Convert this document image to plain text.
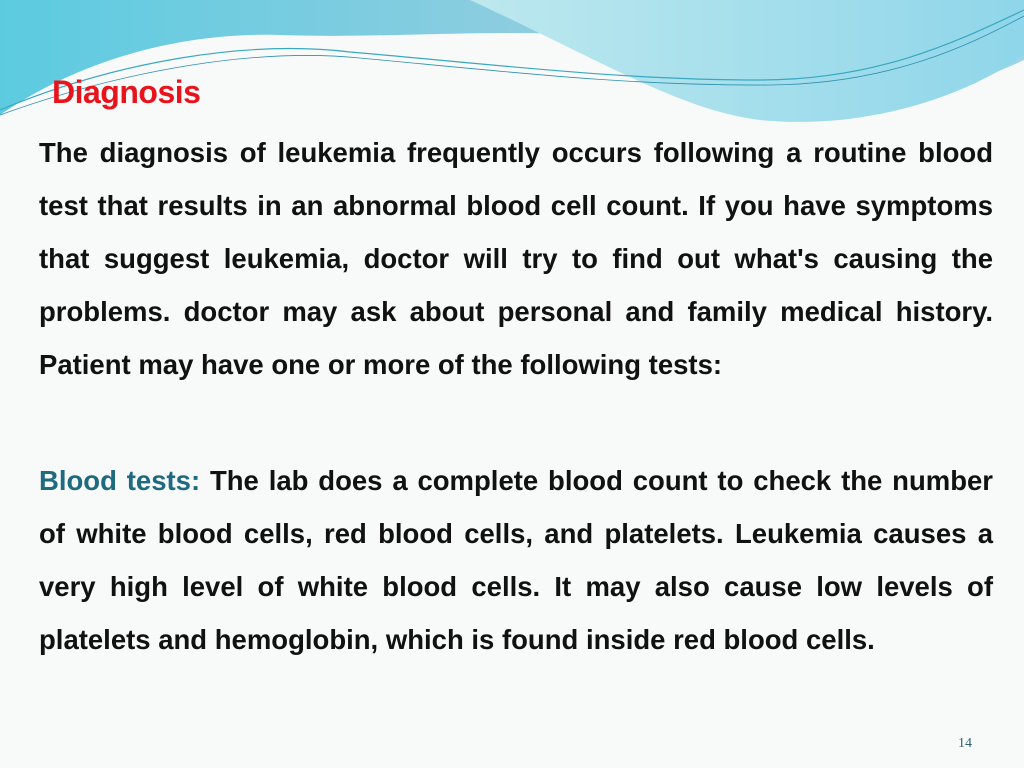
Diagnosis
The diagnosis of leukemia frequently occurs following a routine blood test that results in an abnormal blood cell count. If you have symptoms that suggest leukemia, doctor will try to find out what's causing the problems. doctor may ask about personal and family medical history. Patient may have one or more of the following tests:
Blood tests: The lab does a complete blood count to check the number of white blood cells, red blood cells, and platelets. Leukemia causes a very high level of white blood cells. It may also cause low levels of platelets and hemoglobin, which is found inside red blood cells.
14
